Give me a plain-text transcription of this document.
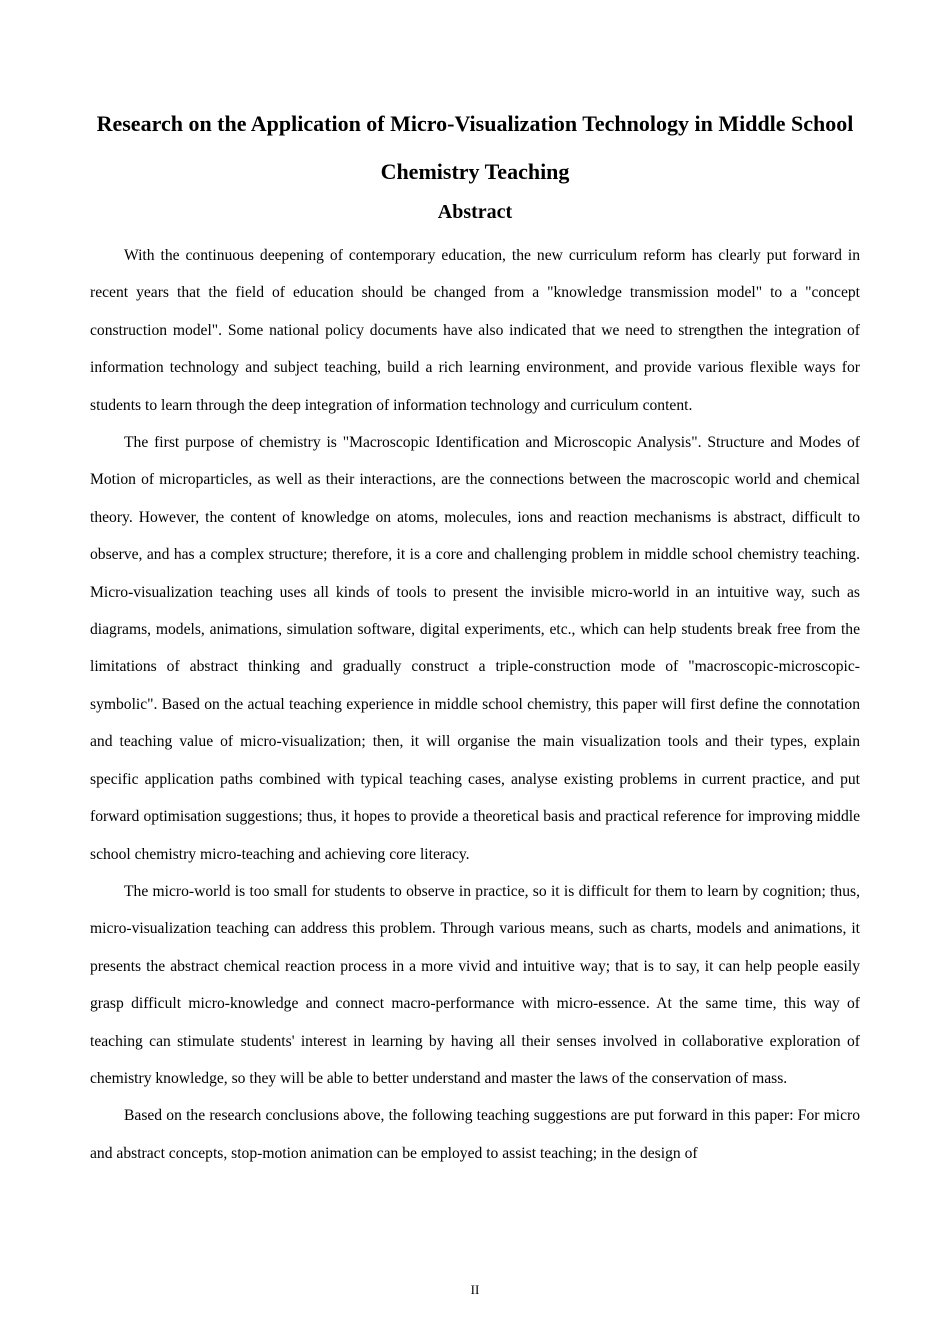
Research on the Application of Micro-Visualization Technology in Middle School Chemistry Teaching
Abstract

With the continuous deepening of contemporary education, the new curriculum reform has clearly put forward in recent years that the field of education should be changed from a "knowledge transmission model" to a "concept construction model". Some national policy documents have also indicated that we need to strengthen the integration of information technology and subject teaching, build a rich learning environment, and provide various flexible ways for students to learn through the deep integration of information technology and curriculum content.

The first purpose of chemistry is "Macroscopic Identification and Microscopic Analysis". Structure and Modes of Motion of microparticles, as well as their interactions, are the connections between the macroscopic world and chemical theory. However, the content of knowledge on atoms, molecules, ions and reaction mechanisms is abstract, difficult to observe, and has a complex structure; therefore, it is a core and challenging problem in middle school chemistry teaching. Micro-visualization teaching uses all kinds of tools to present the invisible micro-world in an intuitive way, such as diagrams, models, animations, simulation software, digital experiments, etc., which can help students break free from the limitations of abstract thinking and gradually construct a triple-construction mode of "macroscopic-microscopic-symbolic". Based on the actual teaching experience in middle school chemistry, this paper will first define the connotation and teaching value of micro-visualization; then, it will organise the main visualization tools and their types, explain specific application paths combined with typical teaching cases, analyse existing problems in current practice, and put forward optimisation suggestions; thus, it hopes to provide a theoretical basis and practical reference for improving middle school chemistry micro-teaching and achieving core literacy.

The micro-world is too small for students to observe in practice, so it is difficult for them to learn by cognition; thus, micro-visualization teaching can address this problem. Through various means, such as charts, models and animations, it presents the abstract chemical reaction process in a more vivid and intuitive way; that is to say, it can help people easily grasp difficult micro-knowledge and connect macro-performance with micro-essence. At the same time, this way of teaching can stimulate students' interest in learning by having all their senses involved in collaborative exploration of chemistry knowledge, so they will be able to better understand and master the laws of the conservation of mass.

Based on the research conclusions above, the following teaching suggestions are put forward in this paper: For micro and abstract concepts, stop-motion animation can be employed to assist teaching; in the design of

II
